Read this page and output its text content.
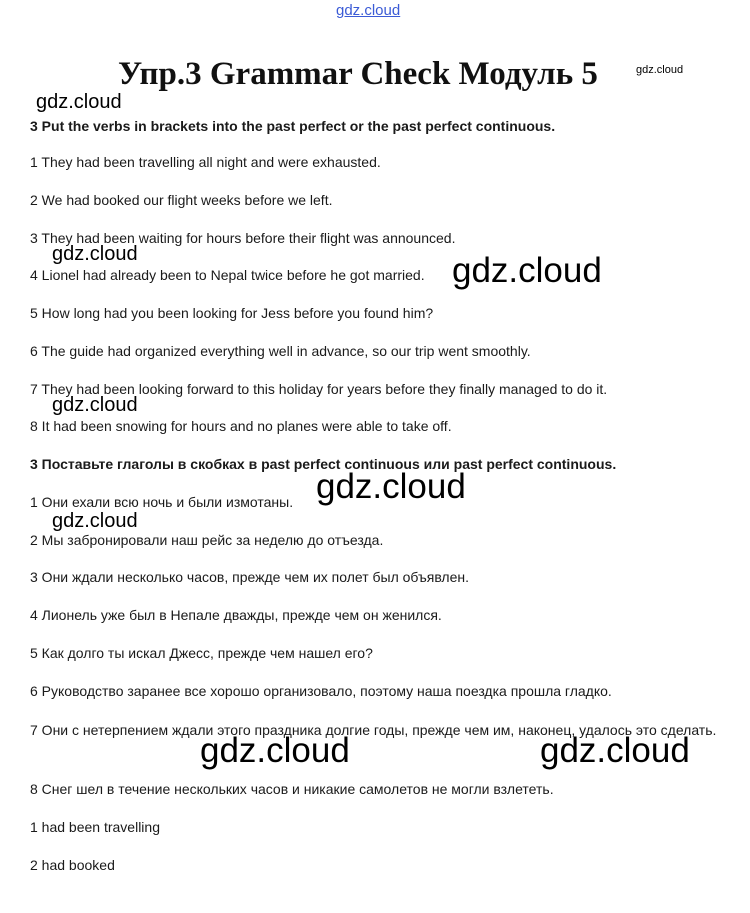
gdz.cloud
Упр.3 Grammar Check Модуль 5	gdz.cloud
3 Put the verbs in brackets into the past perfect or the past perfect continuous.
1 They had been travelling all night and were exhausted.
2 We had booked our flight weeks before we left.
3 They had been waiting for hours before their flight was announced.
4 Lionel had already been to Nepal twice before he got married.
5 How long had you been looking for Jess before you found him?
6 The guide had organized everything well in advance, so our trip went smoothly.
7 They had been looking forward to this holiday for years before they finally managed to do it.
8 It had been snowing for hours and no planes were able to take off.
3 Поставьте глаголы в скобках в past perfect continuous или past perfect continuous.
1 Они ехали всю ночь и были измотаны.
2 Мы забронировали наш рейс за неделю до отъезда.
3 Они ждали несколько часов, прежде чем их полет был объявлен.
4 Лионель уже был в Непале дважды, прежде чем он женился.
5 Как долго ты искал Джесс, прежде чем нашел его?
6 Руководство заранее все хорошо организовало, поэтому наша поездка прошла гладко.
7 Они с нетерпением ждали этого праздника долгие годы, прежде чем им, наконец, удалось это сделать.
8 Снег шел в течение нескольких часов и никакие самолетов не могли взлететь.
1 had been travelling
2 had booked
gdz.cloud
gdz.cloud
gdz.cloud
gdz.cloud
gdz.cloud
gdz.cloud
gdz.cloud	gdz.cloud
